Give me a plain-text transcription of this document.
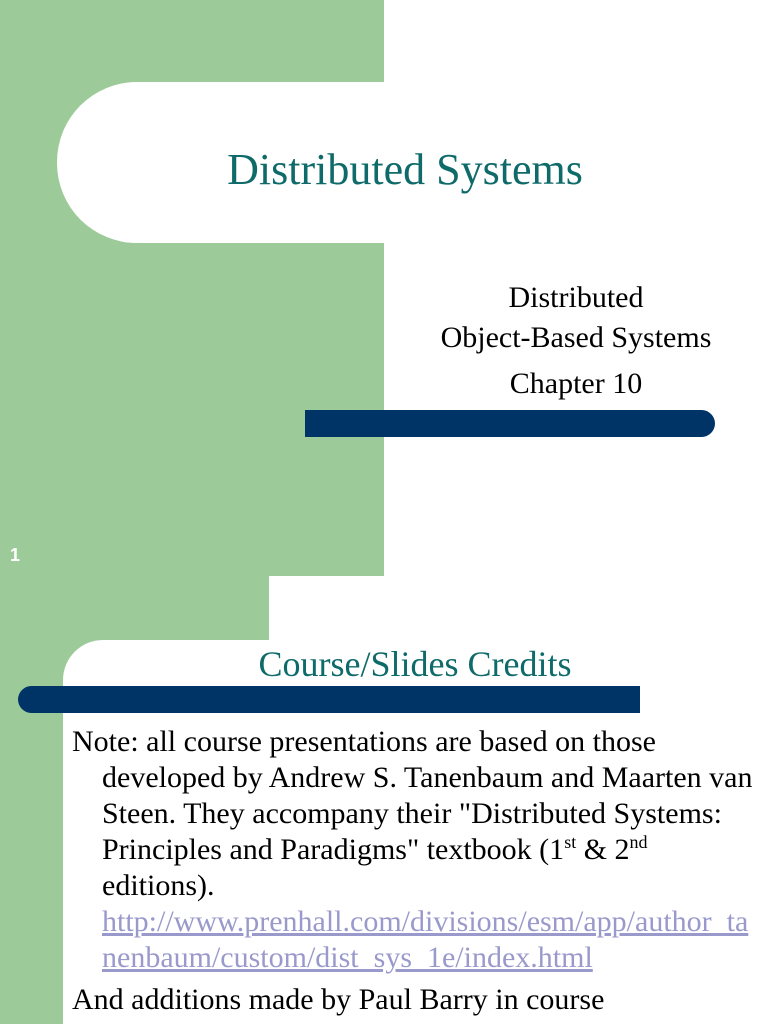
Distributed Systems
Distributed
Object-Based Systems
Chapter 10
1
Course/Slides Credits
Note: all course presentations are based on those developed by Andrew S. Tanenbaum and Maarten van Steen. They accompany their "Distributed Systems: Principles and Paradigms" textbook (1st & 2nd editions).
http://www.prenhall.com/divisions/esm/app/author_tanenbaum/custom/dist_sys_1e/index.html
And additions made by Paul Barry in course
